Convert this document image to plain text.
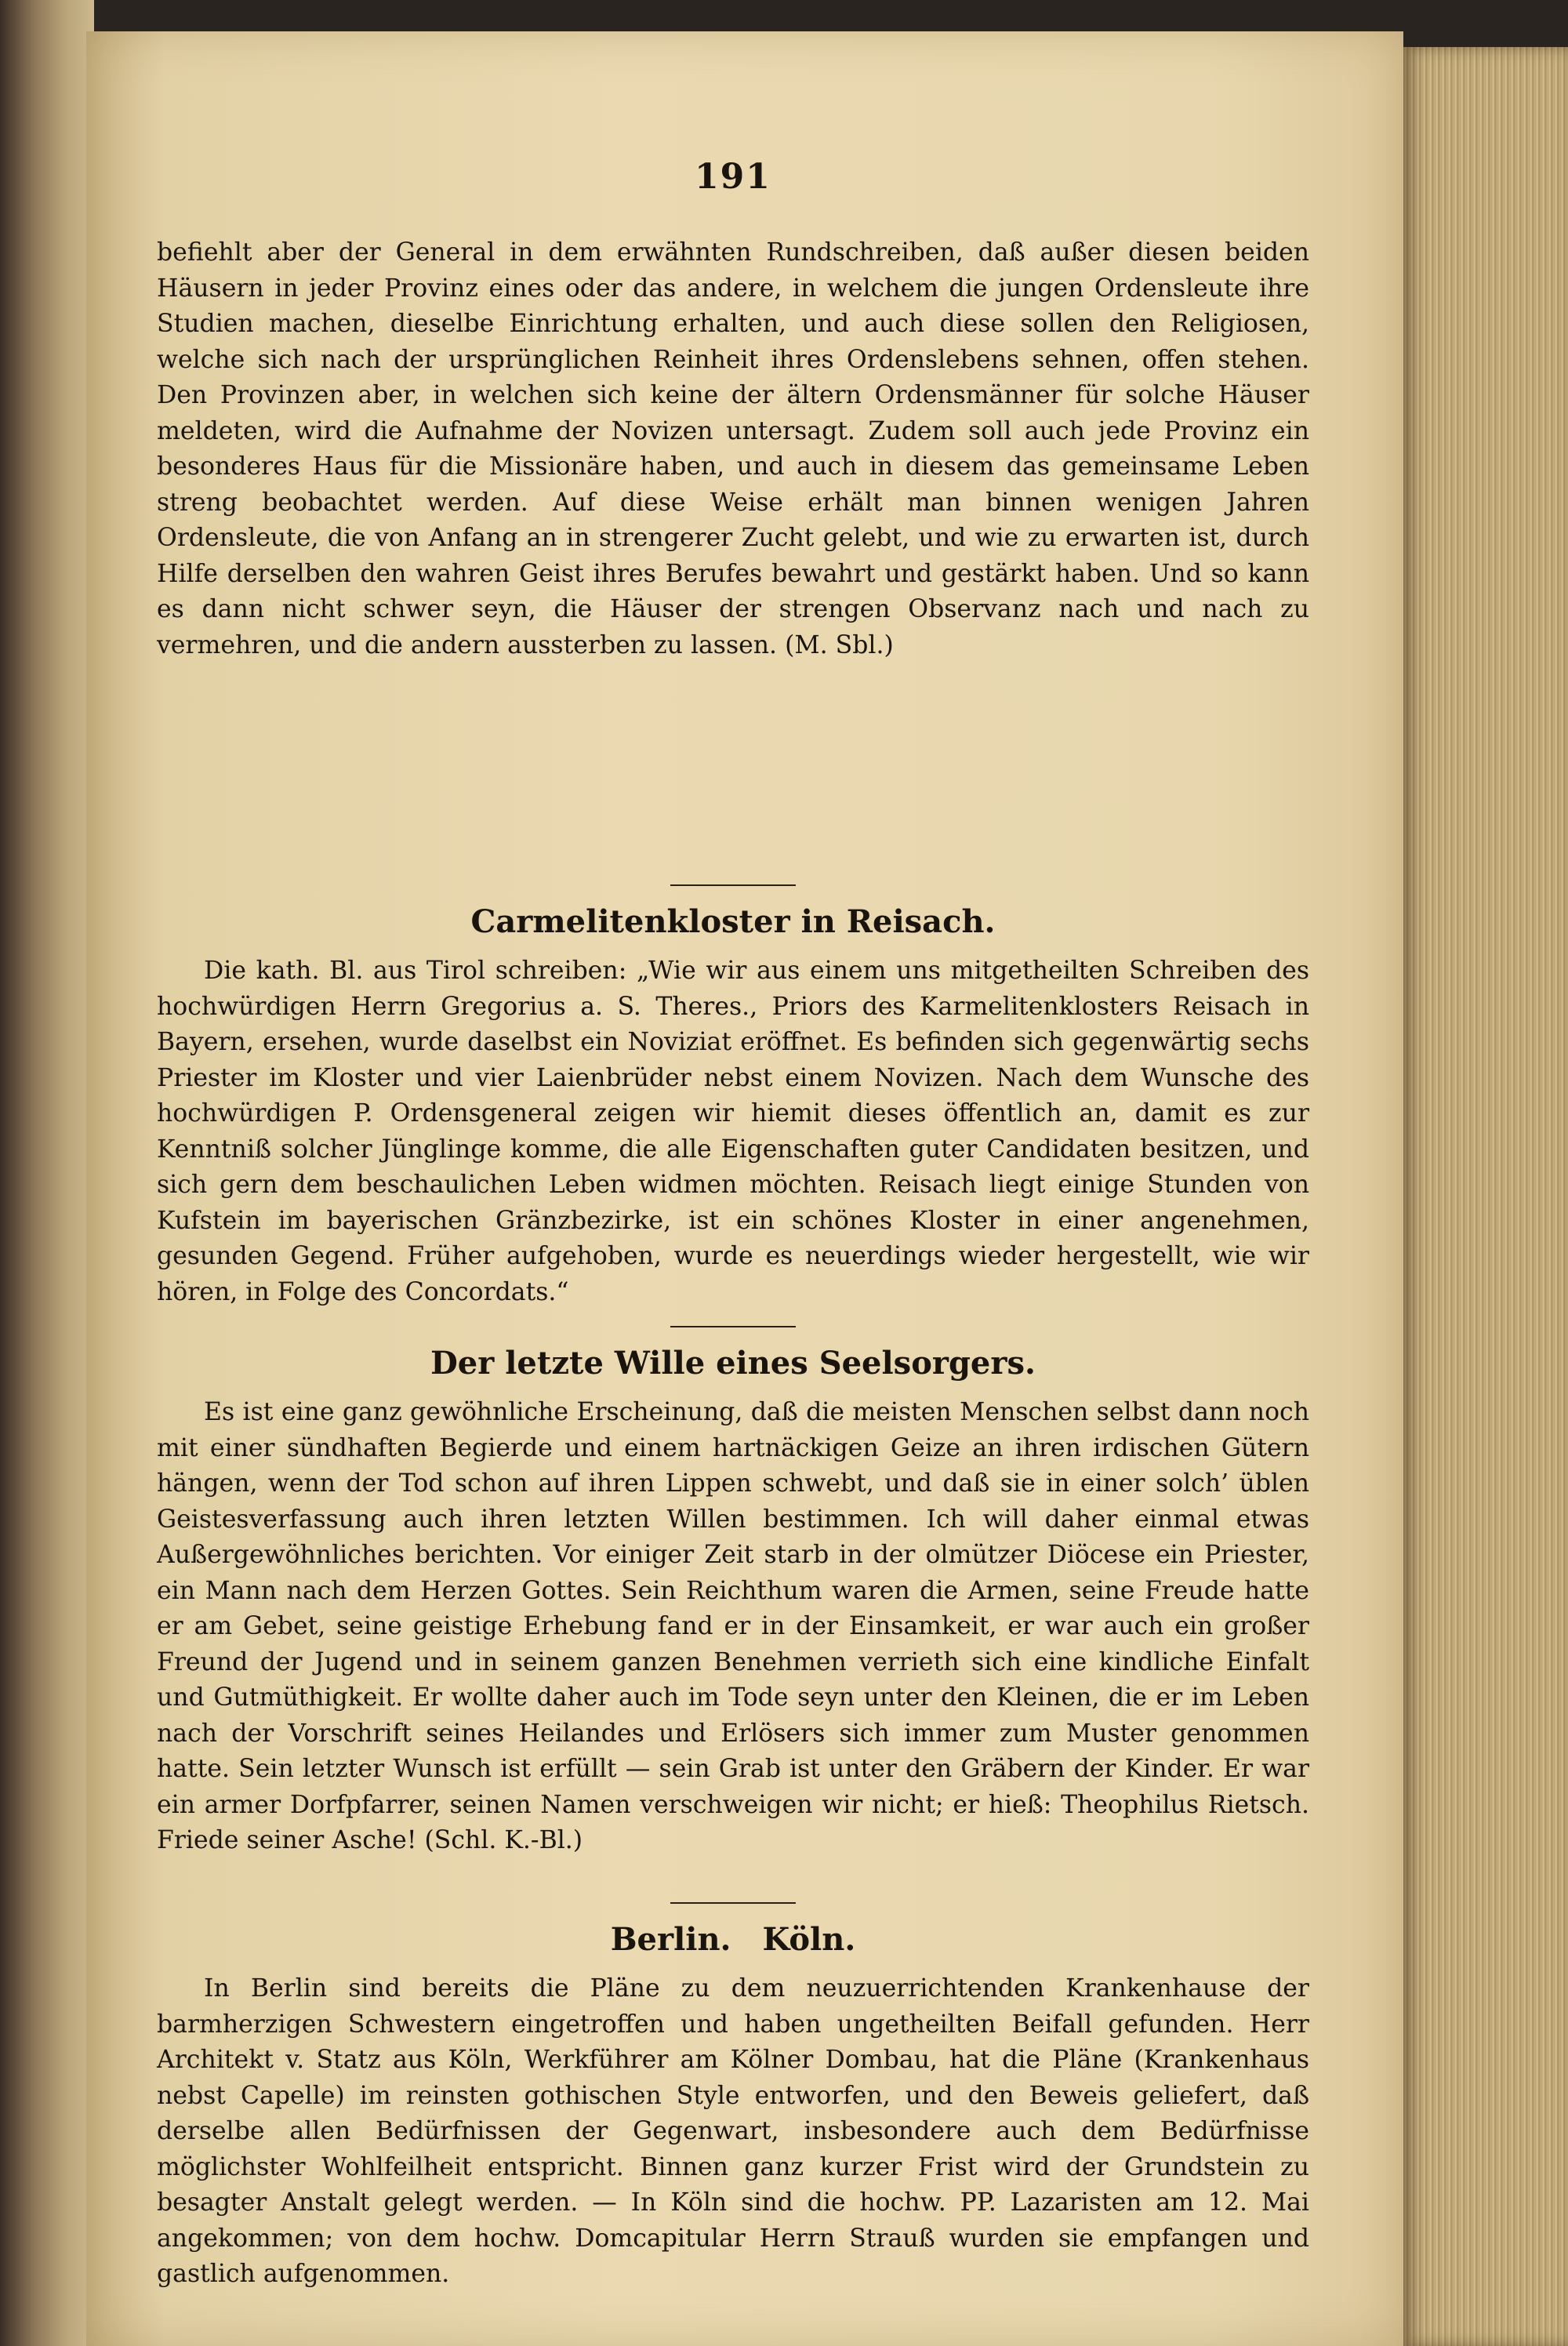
191

befiehlt aber der General in dem erwähnten Rundschreiben, daß außer diesen beiden Häusern in jeder Provinz eines oder das andere, in welchem die jungen Ordensleute ihre Studien machen, dieselbe Einrichtung erhalten, und auch diese sollen den Religiosen, welche sich nach der ursprünglichen Reinheit ihres Ordenslebens sehnen, offen stehen. Den Provinzen aber, in welchen sich keine der ältern Ordensmänner für solche Häuser meldeten, wird die Aufnahme der Novizen untersagt. Zudem soll auch jede Provinz ein besonderes Haus für die Missionäre haben, und auch in diesem das gemeinsame Leben streng beobachtet werden. Auf diese Weise erhält man binnen wenigen Jahren Ordensleute, die von Anfang an in strengerer Zucht gelebt, und wie zu erwarten ist, durch Hilfe derselben den wahren Geist ihres Berufes bewahrt und gestärkt haben. Und so kann es dann nicht schwer seyn, die Häuser der strengen Observanz nach und nach zu vermehren, und die andern aussterben zu lassen. (M. Sbl.)

Carmelitenkloster in Reisach.

Die kath. Bl. aus Tirol schreiben: „Wie wir aus einem uns mitgetheilten Schreiben des hochwürdigen Herrn Gregorius a. S. Theres., Priors des Karmelitenklosters Reisach in Bayern, ersehen, wurde daselbst ein Noviziat eröffnet. Es befinden sich gegenwärtig sechs Priester im Kloster und vier Laienbrüder nebst einem Novizen. Nach dem Wunsche des hochwürdigen P. Ordensgeneral zeigen wir hiemit dieses öffentlich an, damit es zur Kenntniß solcher Jünglinge komme, die alle Eigenschaften guter Candidaten besitzen, und sich gern dem beschaulichen Leben widmen möchten. Reisach liegt einige Stunden von Kufstein im bayerischen Gränzbezirke, ist ein schönes Kloster in einer angenehmen, gesunden Gegend. Früher aufgehoben, wurde es neuerdings wieder hergestellt, wie wir hören, in Folge des Concordats.“

Der letzte Wille eines Seelsorgers.

Es ist eine ganz gewöhnliche Erscheinung, daß die meisten Menschen selbst dann noch mit einer sündhaften Begierde und einem hartnäckigen Geize an ihren irdischen Gütern hängen, wenn der Tod schon auf ihren Lippen schwebt, und daß sie in einer solch’ üblen Geistesverfassung auch ihren letzten Willen bestimmen. Ich will daher einmal etwas Außergewöhnliches berichten. Vor einiger Zeit starb in der olmützer Diöcese ein Priester, ein Mann nach dem Herzen Gottes. Sein Reichthum waren die Armen, seine Freude hatte er am Gebet, seine geistige Erhebung fand er in der Einsamkeit, er war auch ein großer Freund der Jugend und in seinem ganzen Benehmen verrieth sich eine kindliche Einfalt und Gutmüthigkeit. Er wollte daher auch im Tode seyn unter den Kleinen, die er im Leben nach der Vorschrift seines Heilandes und Erlösers sich immer zum Muster genommen hatte. Sein letzter Wunsch ist erfüllt — sein Grab ist unter den Gräbern der Kinder. Er war ein armer Dorfpfarrer, seinen Namen verschweigen wir nicht; er hieß: Theophilus Rietsch. Friede seiner Asche! (Schl. K.-Bl.)

Berlin. Köln.

In Berlin sind bereits die Pläne zu dem neuzuerrichtenden Krankenhause der barmherzigen Schwestern eingetroffen und haben ungetheilten Beifall gefunden. Herr Architekt v. Statz aus Köln, Werkführer am Kölner Dombau, hat die Pläne (Krankenhaus nebst Capelle) im reinsten gothischen Style entworfen, und den Beweis geliefert, daß derselbe allen Bedürfnissen der Gegenwart, insbesondere auch dem Bedürfnisse möglichster Wohlfeilheit entspricht. Binnen ganz kurzer Frist wird der Grundstein zu besagter Anstalt gelegt werden. — In Köln sind die hochw. PP. Lazaristen am 12. Mai angekommen; von dem hochw. Domcapitular Herrn Strauß wurden sie empfangen und gastlich aufgenommen.
